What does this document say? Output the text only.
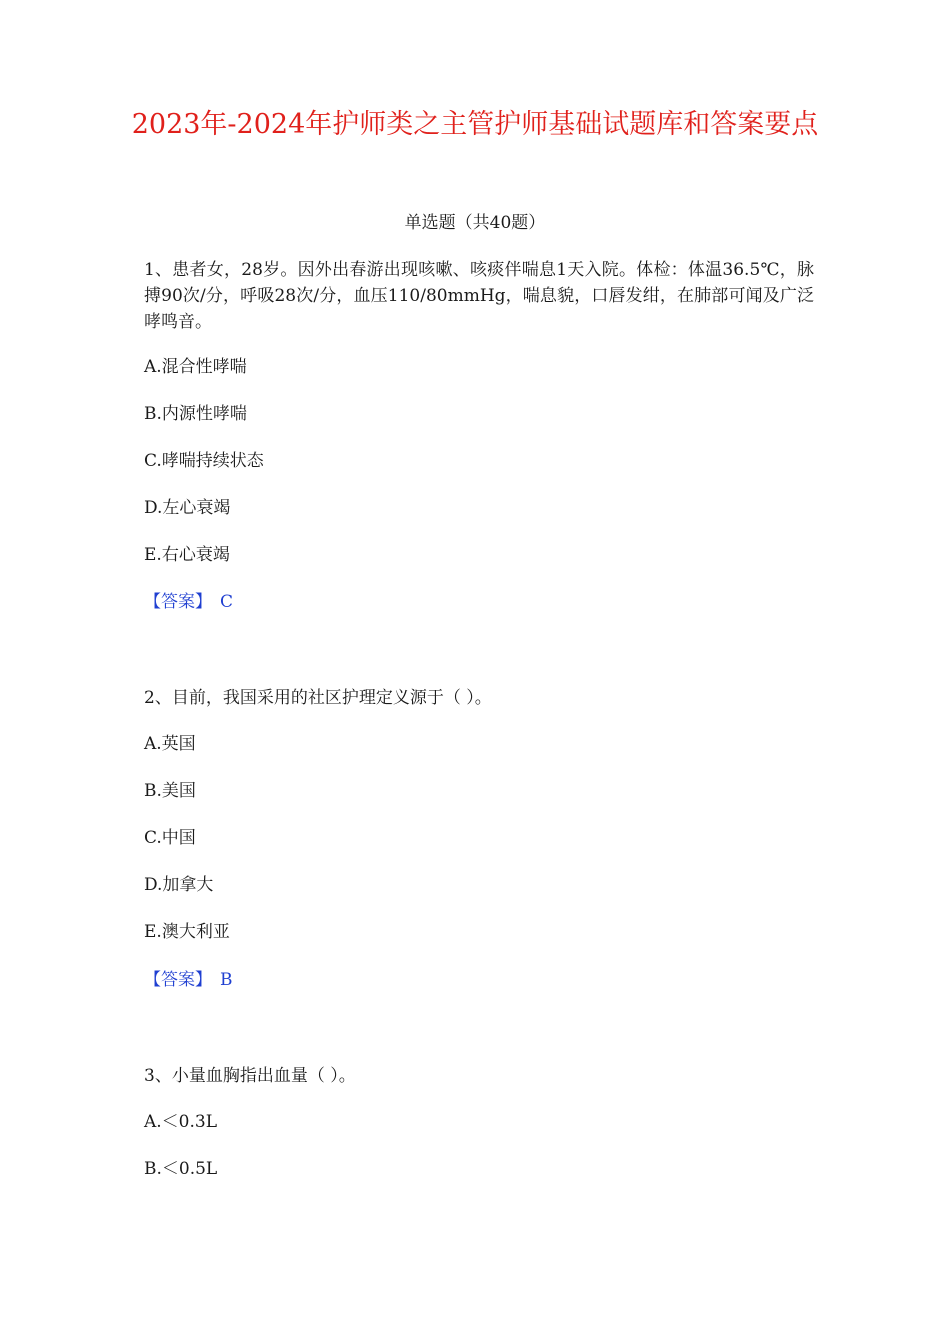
2023年-2024年护师类之主管护师基础试题库和答案要点
单选题（共40题）

1、患者女，28岁。因外出春游出现咳嗽、咳痰伴喘息1天入院。体检：体温36.5℃，脉搏90次/分，呼吸28次/分，血压110/80mmHg，喘息貌，口唇发绀，在肺部可闻及广泛哮鸣音。

A.混合性哮喘

B.内源性哮喘

C.哮喘持续状态

D.左心衰竭

E.右心衰竭

【答案】 C

2、目前，我国采用的社区护理定义源于（ ）。

A.英国

B.美国

C.中国

D.加拿大

E.澳大利亚

【答案】 B

3、小量血胸指出血量（ ）。

A.＜0.3L

B.＜0.5L
